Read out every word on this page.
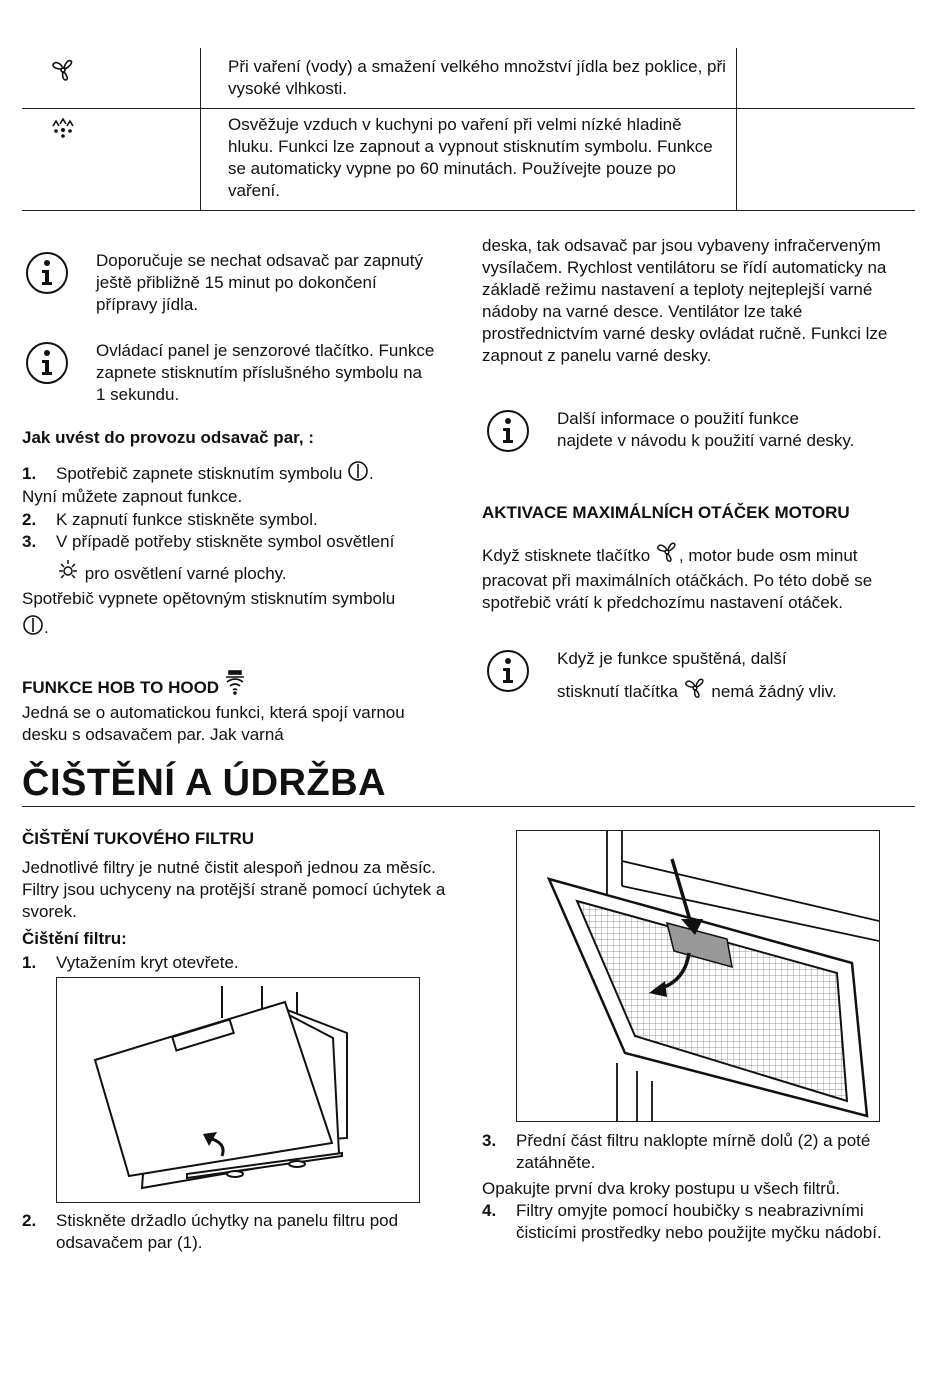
Při vaření (vody) a smažení velkého množství jídla bez poklice, při vysoké vlhkosti.
Osvěžuje vzduch v kuchyni po vaření při velmi nízké hladině hluku. Funkci lze zapnout a vypnout stisknutím symbolu. Funkce se automaticky vypne po 60 minutách. Používejte pouze po vaření.
Doporučuje se nechat odsavač par zapnutý ještě přibližně 15 minut po dokončení přípravy jídla.
Ovládací panel je senzorové tlačítko. Funkce zapnete stisknutím příslušného symbolu na 1 sekundu.
Jak uvést do provozu odsavač par, :
1. Spotřebič zapnete stisknutím symbolu .
Nyní můžete zapnout funkce.
2. K zapnutí funkce stiskněte symbol.
3. V případě potřeby stiskněte symbol osvětlení
pro osvětlení varné plochy.
Spotřebič vypnete opětovným stisknutím symbolu
.
FUNKCE HOB TO HOOD
Jedná se o automatickou funkci, která spojí varnou desku s odsavačem par. Jak varná
deska, tak odsavač par jsou vybaveny infračerveným vysílačem. Rychlost ventilátoru se řídí automaticky na základě režimu nastavení a teploty nejteplejší varné nádoby na varné desce. Ventilátor lze také prostřednictvím varné desky ovládat ručně. Funkci lze zapnout z panelu varné desky.
Další informace o použití funkce najdete v návodu k použití varné desky.
AKTIVACE MAXIMÁLNÍCH OTÁČEK MOTORU
Když stisknete tlačítko , motor bude osm minut pracovat při maximálních otáčkách. Po této době se spotřebič vrátí k předchozímu nastavení otáček.
Když je funkce spuštěná, další
stisknutí tlačítka nemá žádný vliv.
ČIŠTĚNÍ A ÚDRŽBA
ČIŠTĚNÍ TUKOVÉHO FILTRU
Jednotlivé filtry je nutné čistit alespoň jednou za měsíc. Filtry jsou uchyceny na protější straně pomocí úchytek a svorek.
Čištění filtru:
1. Vytažením kryt otevřete.
2.	Stiskněte držadlo úchytky na panelu filtru pod odsavačem par (1).
3.	Přední část filtru naklopte mírně dolů (2) a poté zatáhněte.
Opakujte první dva kroky postupu u všech filtrů.
4.	Filtry omyjte pomocí houbičky s neabrazivními čisticími prostředky nebo použijte myčku nádobí.
